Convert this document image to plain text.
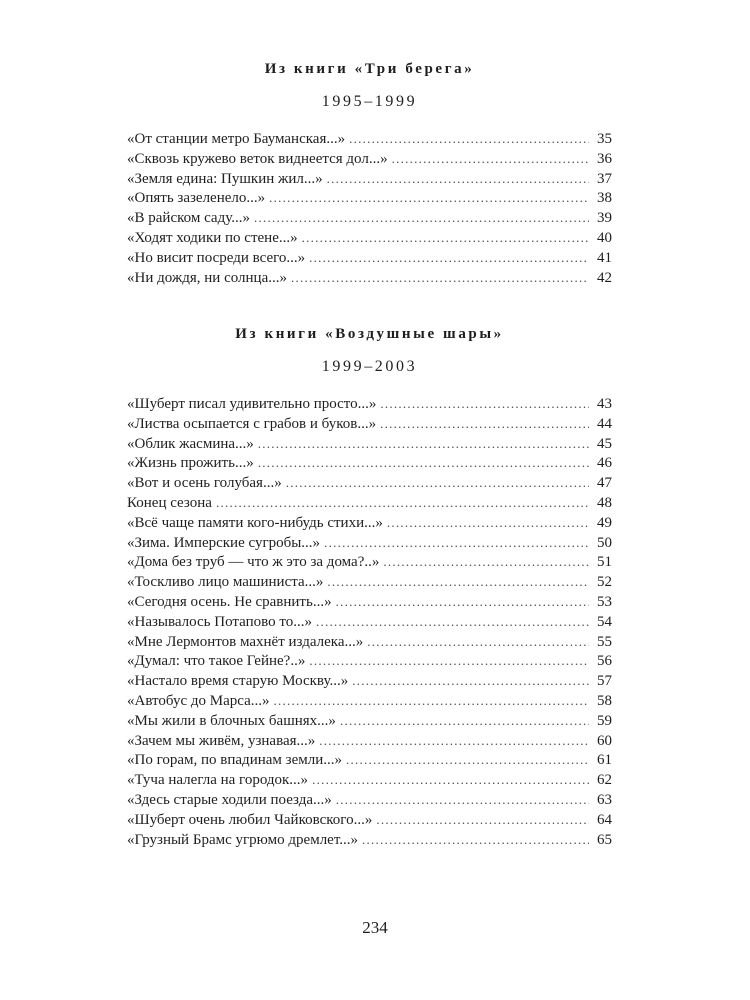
Из книги «Три берега»
1995–1999
«От станции метро Бауманская...» . . .	35
«Сквозь кружево веток виднеется дол...» . . .	36
«Земля едина: Пушкин жил...» . . .	37
«Опять зазеленело...» . . .	38
«В райском саду...» . . .	39
«Ходят ходики по стене...» . . .	40
«Но висит посреди всего...» . . .	41
«Ни дождя, ни солнца...» . . .	42
Из книги «Воздушные шары»
1999–2003
«Шуберт писал удивительно просто...» . . .	43
«Листва осыпается с грабов и буков...» . . .	44
«Облик жасмина...» . . .	45
«Жизнь прожить...» . . .	46
«Вот и осень голубая...» . . .	47
Конец сезона . . .	48
«Всё чаще памяти кого-нибудь стихи...» . . .	49
«Зима. Имперские сугробы...» . . .	50
«Дома без труб — что ж это за дома?..» . . .	51
«Тоскливо лицо машиниста...» . . .	52
«Сегодня осень. Не сравнить...» . . .	53
«Называлось Потапово то...» . . .	54
«Мне Лермонтов махнёт издалека...» . . .	55
«Думал: что такое Гейне?..» . . .	56
«Настало время старую Москву...» . . .	57
«Автобус до Марса...» . . .	58
«Мы жили в блочных башнях...» . . .	59
«Зачем мы живём, узнавая...» . . .	60
«По горам, по впадинам земли...» . . .	61
«Туча налегла на городок...» . . .	62
«Здесь старые ходили поезда...» . . .	63
«Шуберт очень любил Чайковского...» . . .	64
«Грузный Брамс угрюмо дремлет...» . . .	65
234
